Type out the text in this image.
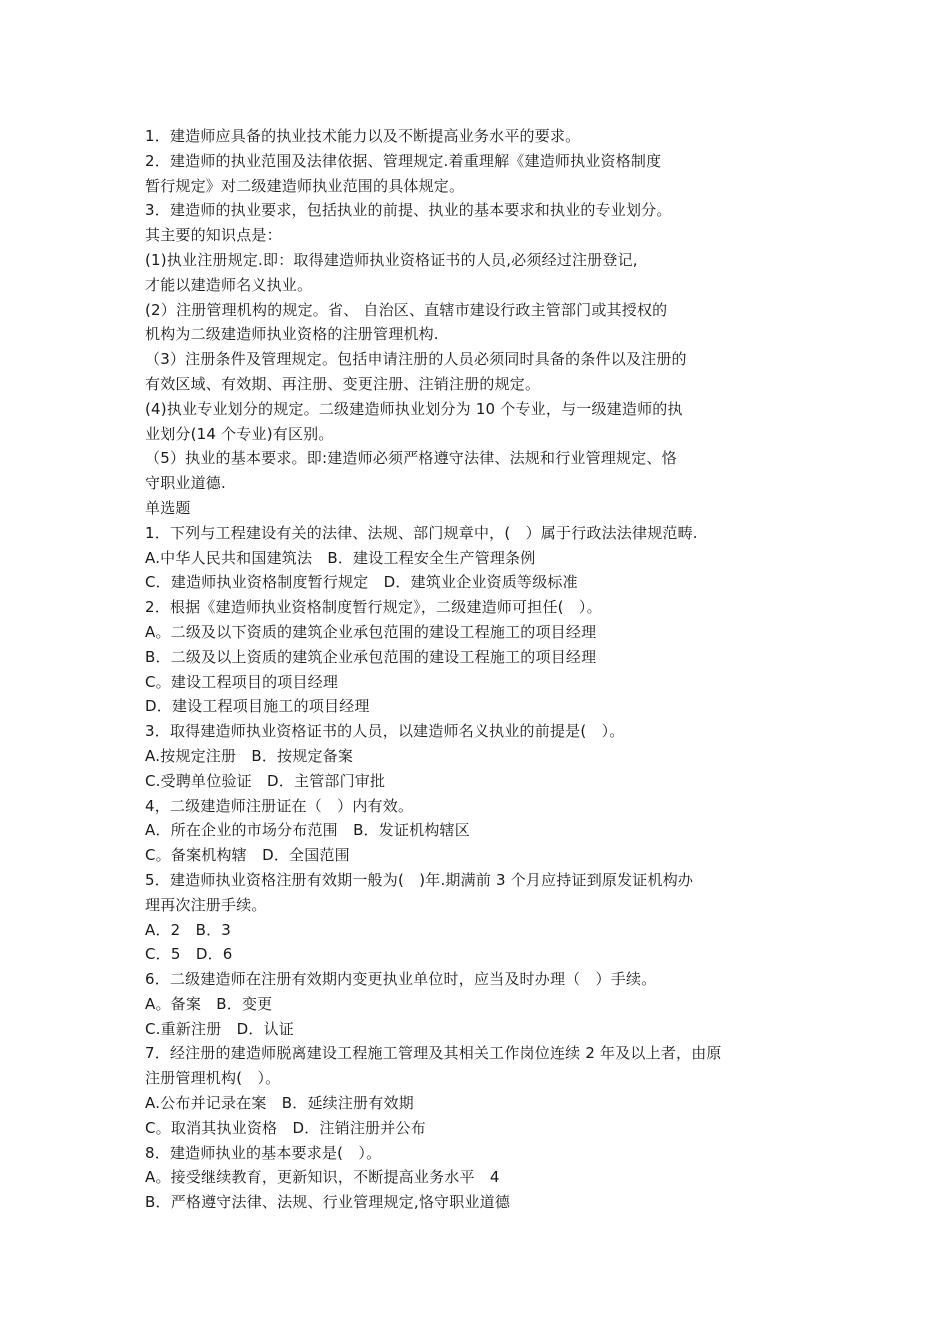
1．建造师应具备的执业技术能力以及不断提高业务水平的要求。
2．建造师的执业范围及法律依据、管理规定.着重理解《建造师执业资格制度
暂行规定》对二级建造师执业范围的具体规定。
3．建造师的执业要求，包括执业的前提、执业的基本要求和执业的专业划分。
其主要的知识点是：
(1)执业注册规定.即：取得建造师执业资格证书的人员,必须经过注册登记,
才能以建造师名义执业。
(2）注册管理机构的规定。省、 自治区、直辖市建设行政主管部门或其授权的
机构为二级建造师执业资格的注册管理机构.
（3）注册条件及管理规定。包括申请注册的人员必须同时具备的条件以及注册的
有效区域、有效期、再注册、变更注册、注销注册的规定。
(4)执业专业划分的规定。二级建造师执业划分为 10 个专业，与一级建造师的执
业划分(14 个专业)有区别。
（5）执业的基本要求。即:建造师必须严格遵守法律、法规和行业管理规定、恪
守职业道德.
单选题
1．下列与工程建设有关的法律、法规、部门规章中，(　）属于行政法法律规范畴.
A.中华人民共和国建筑法　B．建设工程安全生产管理条例
C．建造师执业资格制度暂行规定　D．建筑业企业资质等级标准
2．根据《建造师执业资格制度暂行规定》，二级建造师可担任(　）。
A。二级及以下资质的建筑企业承包范围的建设工程施工的项目经理
B．二级及以上资质的建筑企业承包范围的建设工程施工的项目经理
C。建设工程项目的项目经理
D．建设工程项目施工的项目经理
3．取得建造师执业资格证书的人员，以建造师名义执业的前提是(　）。
A.按规定注册　B．按规定备案
C.受聘单位验证　D．主管部门审批
4，二级建造师注册证在（　）内有效。
A．所在企业的市场分布范围　B．发证机构辖区
C。备案机构辖　D．全国范围
5．建造师执业资格注册有效期一般为(　)年.期满前 3 个月应持证到原发证机构办
理再次注册手续。
A．2　B．3
C．5　D．6
6．二级建造师在注册有效期内变更执业单位时，应当及时办理（　）手续。
A。备案　B．变更
C.重新注册　D．认证
7．经注册的建造师脱离建设工程施工管理及其相关工作岗位连续 2 年及以上者，由原
注册管理机构(　）。
A.公布并记录在案　B．延续注册有效期
C。取消其执业资格　D．注销注册并公布
8．建造师执业的基本要求是(　）。
A。接受继续教育，更新知识，不断提高业务水平　4
B．严格遵守法律、法规、行业管理规定,恪守职业道德
